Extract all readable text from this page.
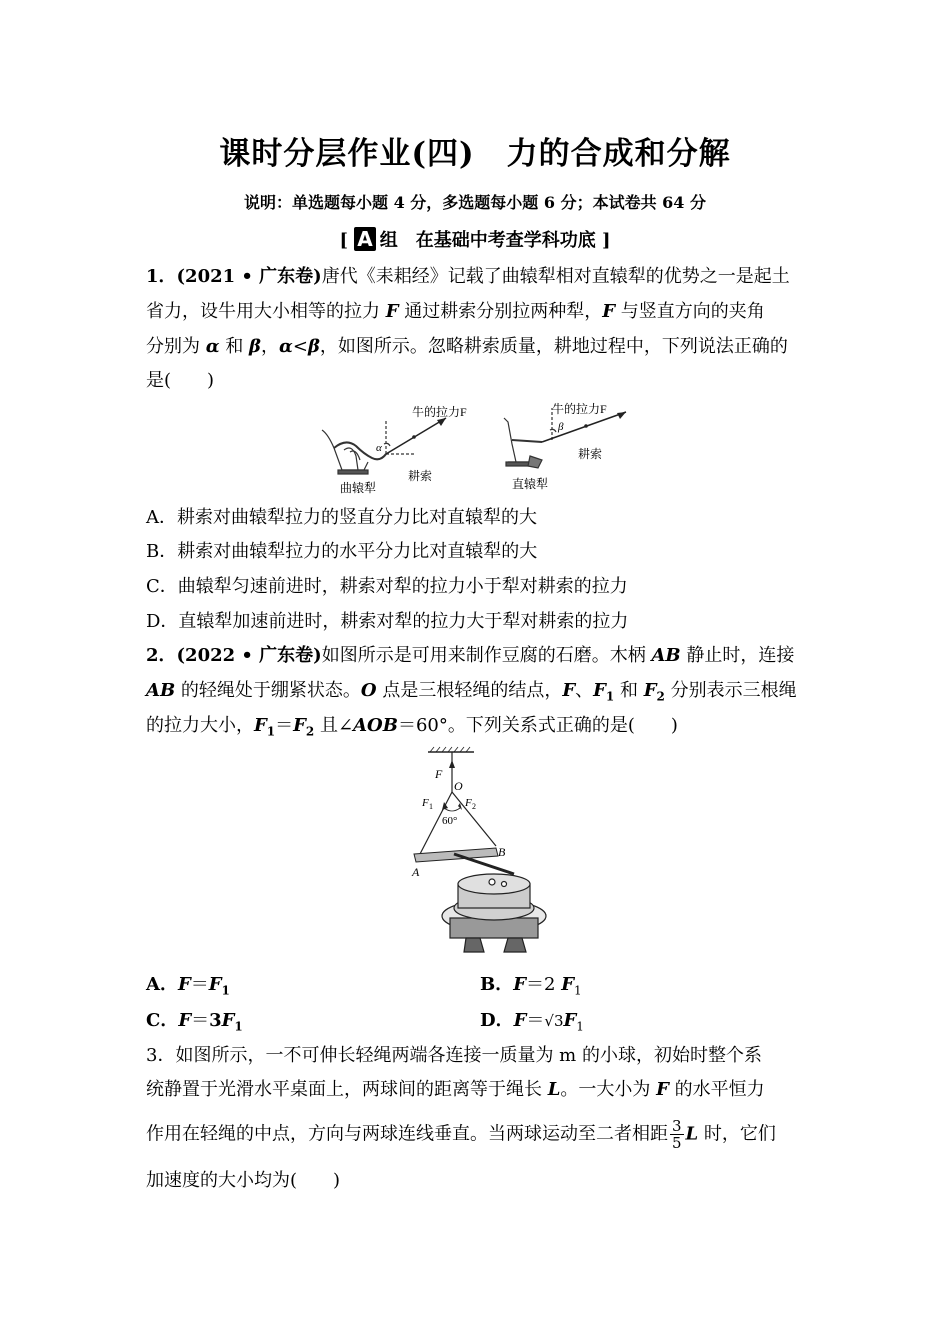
课时分层作业(四)　力的合成和分解
说明：单选题每小题 4 分，多选题每小题 6 分；本试卷共 64 分
[ A 组　在基础中考查学科功底 ]
1．(2021 • 广东卷)唐代《耒耜经》记载了曲辕犁相对直辕犁的优势之一是起土
省力，设牛用大小相等的拉力 F 通过耕索分别拉两种犁，F 与竖直方向的夹角
分别为 α 和 β，α<β，如图所示。忽略耕索质量，耕地过程中，下列说法正确的
是(　　)
牛的拉力F
α
耕索
曲辕犁
牛的拉力F
β
耕索
直辕犁
A．耕索对曲辕犁拉力的竖直分力比对直辕犁的大
B．耕索对曲辕犁拉力的水平分力比对直辕犁的大
C．曲辕犁匀速前进时，耕索对犁的拉力小于犁对耕索的拉力
D．直辕犁加速前进时，耕索对犁的拉力大于犁对耕索的拉力
2．(2022 • 广东卷)如图所示是可用来制作豆腐的石磨。木柄 AB 静止时，连接
AB 的轻绳处于绷紧状态。O 点是三根轻绳的结点，F、$F_1$ 和 $F_2$ 分别表示三根绳
的拉力大小，$F_1=F_2$ 且∠AOB＝60°。下列关系式正确的是(　　)
F
O
F 1	F 2
60°
B
A
A．$F=F_1$	B．F＝2 $F_1$
C．$F=3F_1$	D．$F=√3F_1$
3．如图所示，一不可伸长轻绳两端各连接一质量为 m 的小球，初始时整个系
统静置于光滑水平桌面上，两球间的距离等于绳长 L。一大小为 F 的水平恒力
作用在轻绳的中点，方向与两球连线垂直。当两球运动至二者相距 $\frac{3}{5}$ L 时，它们
加速度的大小均为(　　)
